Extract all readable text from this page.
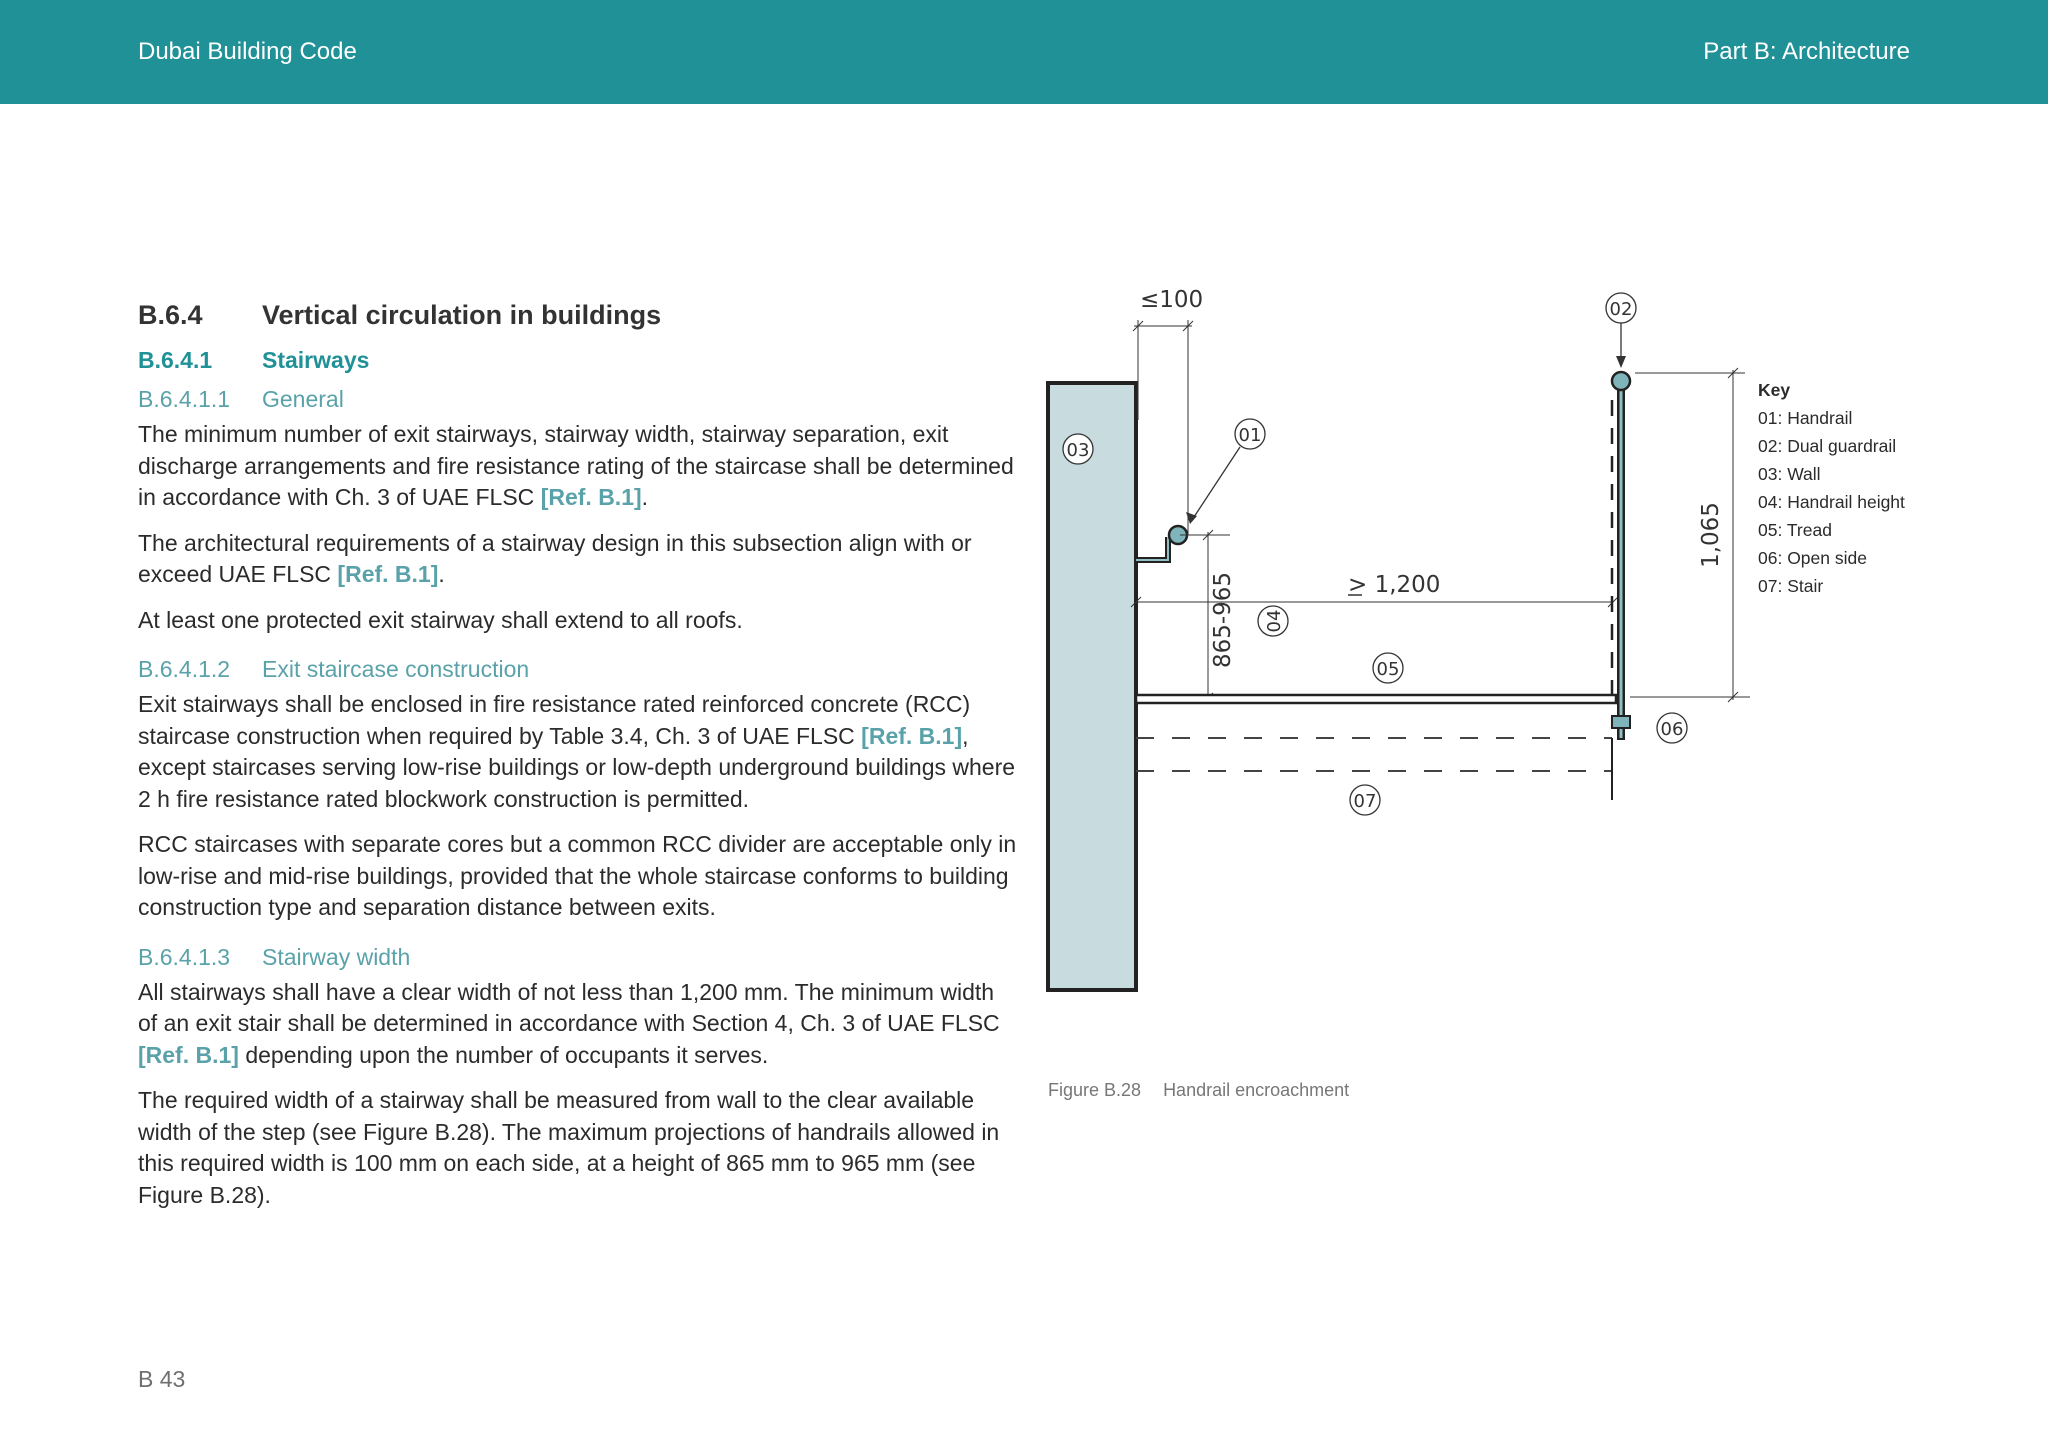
Dubai Building Code	Part B: Architecture
B.6.4	Vertical circulation in buildings
B.6.4.1	Stairways
B.6.4.1.1	General

The minimum number of exit stairways, stairway width, stairway separation, exit discharge arrangements and fire resistance rating of the staircase shall be determined in accordance with Ch. 3 of UAE FLSC [Ref. B.1].

The architectural requirements of a stairway design in this subsection align with or exceed UAE FLSC [Ref. B.1].

At least one protected exit stairway shall extend to all roofs.

B.6.4.1.2	Exit staircase construction

Exit stairways shall be enclosed in fire resistance rated reinforced concrete (RCC) staircase construction when required by Table 3.4, Ch. 3 of UAE FLSC [Ref. B.1], except staircases serving low-rise buildings or low-depth underground buildings where 2 h fire resistance rated blockwork construction is permitted.

RCC staircases with separate cores but a common RCC divider are acceptable only in low-rise and mid-rise buildings, provided that the whole staircase conforms to building construction type and separation distance between exits.

B.6.4.1.3	Stairway width

All stairways shall have a clear width of not less than 1,200 mm. The minimum width of an exit stair shall be determined in accordance with Section 4, Ch. 3 of UAE FLSC [Ref. B.1] depending upon the number of occupants it serves.

The required width of a stairway shall be measured from wall to the clear available width of the step (see Figure B.28). The maximum projections of handrails allowed in this required width is 100 mm on each side, at a height of 865 mm to 965 mm (see Figure B.28).

B 43
≤100
01
03
> 1,200
865-965 04
05
07
02
1,065
06
Figure B.28 Handrail encroachment
Key
01: Handrail
02: Dual guardrail
03: Wall
04: Handrail height
05: Tread
06: Open side
07: Stair
